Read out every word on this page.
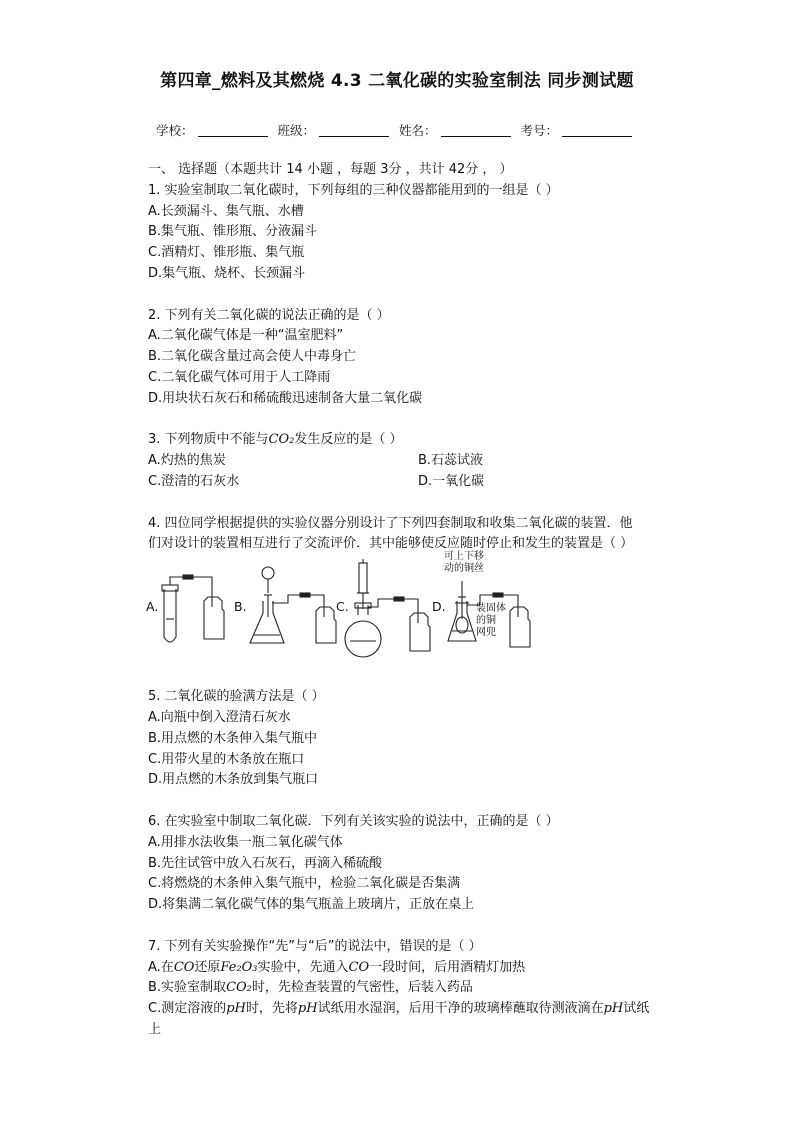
第四章_燃料及其燃烧 4.3 二氧化碳的实验室制法 同步测试题
学校：	班级：	姓名：	考号：
一、 选择题（本题共计 14 小题 ，每题 3分 ，共计 42分 ， ）
1. 实验室制取二氧化碳时，下列每组的三种仪器都能用到的一组是（ ）
A.长颈漏斗、集气瓶、水槽
B.集气瓶、锥形瓶、分液漏斗
C.酒精灯、锥形瓶、集气瓶
D.集气瓶、烧杯、长颈漏斗
2. 下列有关二氧化碳的说法正确的是（ ）
A.二氧化碳气体是一种“温室肥料”
B.二氧化碳含量过高会使人中毒身亡
C.二氧化碳气体可用于人工降雨
D.用块状石灰石和稀硫酸迅速制备大量二氧化碳
3. 下列物质中不能与CO₂发生反应的是（ ）
A.灼热的焦炭	B.石蕊试液
C.澄清的石灰水	D.一氧化碳
4. 四位同学根据提供的实验仪器分别设计了下列四套制取和收集二氧化碳的装置．他
们对设计的装置相互进行了交流评价．其中能够使反应随时停止和发生的装置是（ ）
A.	B.	C.	D.
可上下移
动的铜丝
装固体
的铜
网兜
5. 二氧化碳的验满方法是（ ）
A.向瓶中倒入澄清石灰水
B.用点燃的木条伸入集气瓶中
C.用带火星的木条放在瓶口
D.用点燃的木条放到集气瓶口
6. 在实验室中制取二氧化碳．下列有关该实验的说法中，正确的是（ ）
A.用排水法收集一瓶二氧化碳气体
B.先往试管中放入石灰石，再滴入稀硫酸
C.将燃烧的木条伸入集气瓶中，检验二氧化碳是否集满
D.将集满二氧化碳气体的集气瓶盖上玻璃片，正放在桌上
7. 下列有关实验操作“先”与“后”的说法中，错误的是（ ）
A.在CO还原Fe₂O₃实验中，先通入CO一段时间，后用酒精灯加热
B.实验室制取CO₂时，先检查装置的气密性，后装入药品
C.测定溶液的pH时，先将pH试纸用水湿润，后用干净的玻璃棒蘸取待测液滴在pH试纸
上
